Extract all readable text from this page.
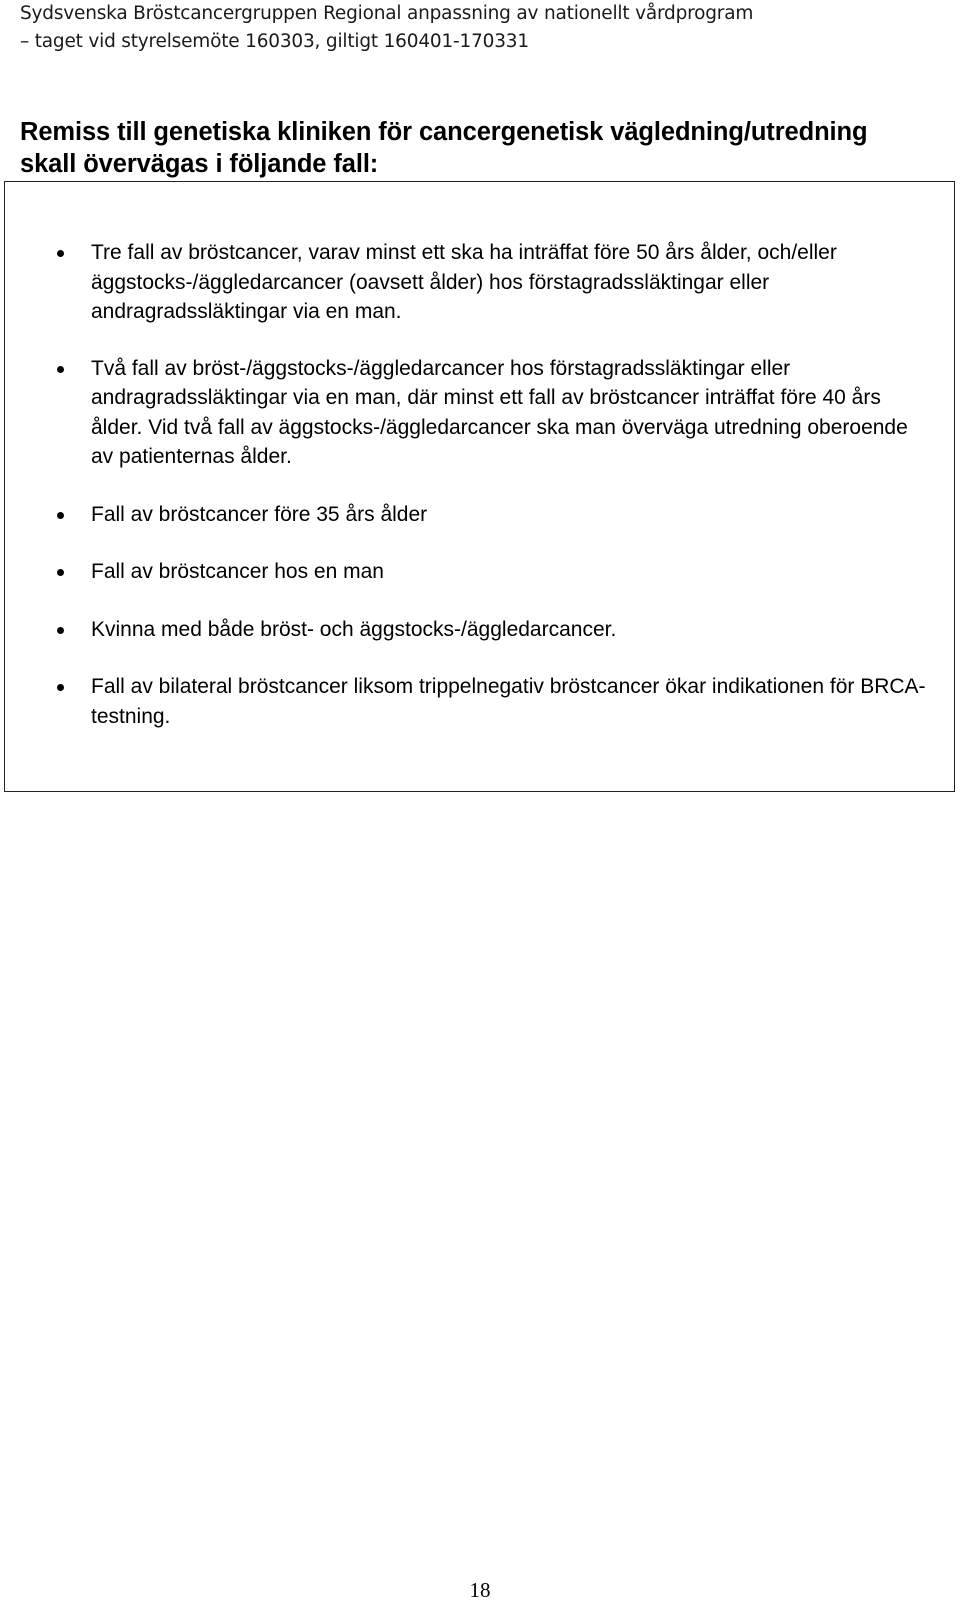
Sydsvenska Bröstcancergruppen Regional anpassning av nationellt vårdprogram
– taget vid styrelsemöte 160303, giltigt 160401-170331
Remiss till genetiska kliniken för cancergenetisk vägledning/utredning skall övervägas i följande fall:
Tre fall av bröstcancer, varav minst ett ska ha inträffat före 50 års ålder, och/eller äggstocks-/äggledarcancer (oavsett ålder) hos förstagradssläktingar eller andragradssläktingar via en man.
Två fall av bröst-/äggstocks-/äggledarcancer hos förstagradssläktingar eller andragradssläktingar via en man, där minst ett fall av bröstcancer inträffat före 40 års ålder. Vid två fall av äggstocks-/äggledarcancer ska man överväga utredning oberoende av patienternas ålder.
Fall av bröstcancer före 35 års ålder
Fall av bröstcancer hos en man
Kvinna med både bröst- och äggstocks-/äggledarcancer.
Fall av bilateral bröstcancer liksom trippelnegativ bröstcancer ökar indikationen för BRCA-testning.
18
